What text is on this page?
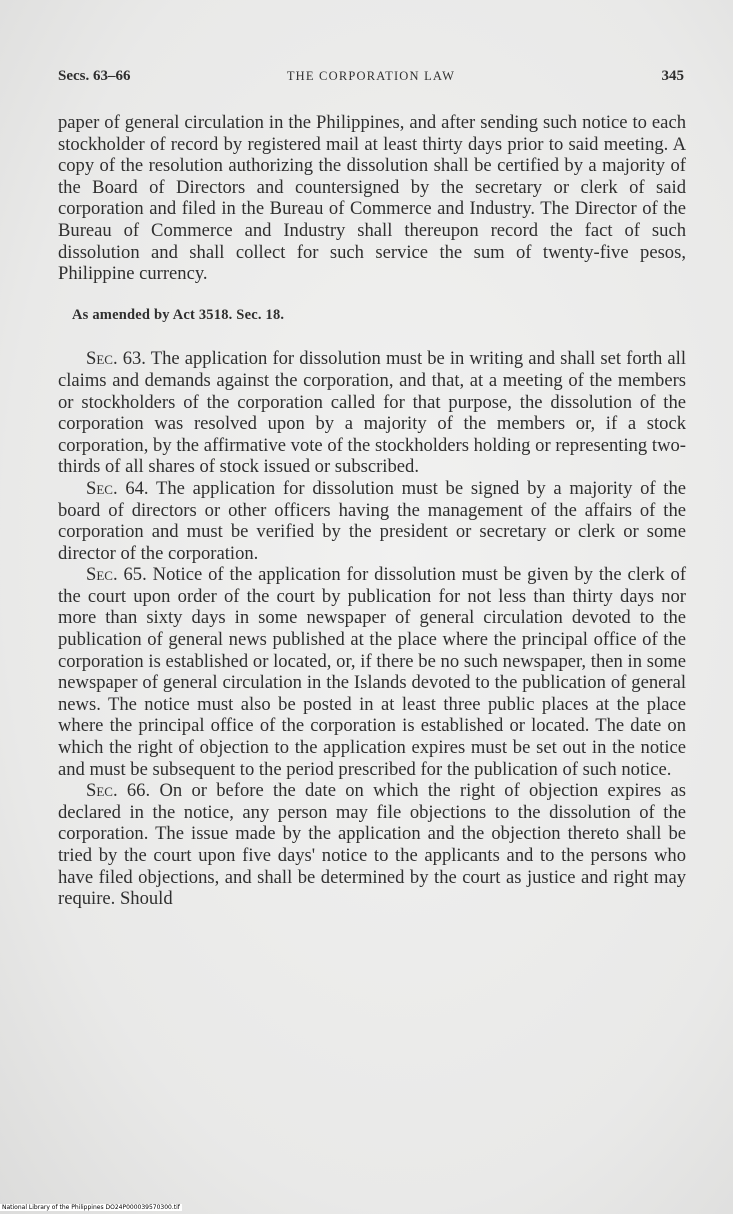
Secs. 63–66	THE CORPORATION LAW	345

paper of general circulation in the Philippines, and after sending such notice to each stockholder of record by registered mail at least thirty days prior to said meeting. A copy of the resolution authorizing the dissolution shall be certified by a majority of the Board of Directors and countersigned by the secretary or clerk of said corporation and filed in the Bureau of Commerce and Industry. The Director of the Bureau of Commerce and Industry shall thereupon record the fact of such dissolution and shall collect for such service the sum of twenty-five pesos, Philippine currency.

As amended by Act 3518. Sec. 18.

Sec. 63. The application for dissolution must be in writing and shall set forth all claims and demands against the corporation, and that, at a meeting of the members or stockholders of the corporation called for that purpose, the dissolution of the corporation was resolved upon by a majority of the members or, if a stock corporation, by the affirmative vote of the stockholders holding or representing two-thirds of all shares of stock issued or subscribed.

Sec. 64. The application for dissolution must be signed by a majority of the board of directors or other officers having the management of the affairs of the corporation and must be verified by the president or secretary or clerk or some director of the corporation.

Sec. 65. Notice of the application for dissolution must be given by the clerk of the court upon order of the court by publication for not less than thirty days nor more than sixty days in some newspaper of general circulation devoted to the publication of general news published at the place where the principal office of the corporation is established or located, or, if there be no such newspaper, then in some newspaper of general circulation in the Islands devoted to the publication of general news. The notice must also be posted in at least three public places at the place where the principal office of the corporation is established or located. The date on which the right of objection to the application expires must be set out in the notice and must be subsequent to the period prescribed for the publication of such notice.

Sec. 66. On or before the date on which the right of objection expires as declared in the notice, any person may file objections to the dissolution of the corporation. The issue made by the application and the objection thereto shall be tried by the court upon five days' notice to the applicants and to the persons who have filed objections, and shall be determined by the court as justice and right may require. Should

National Library of the Philippines DO24P000039570300.tif
